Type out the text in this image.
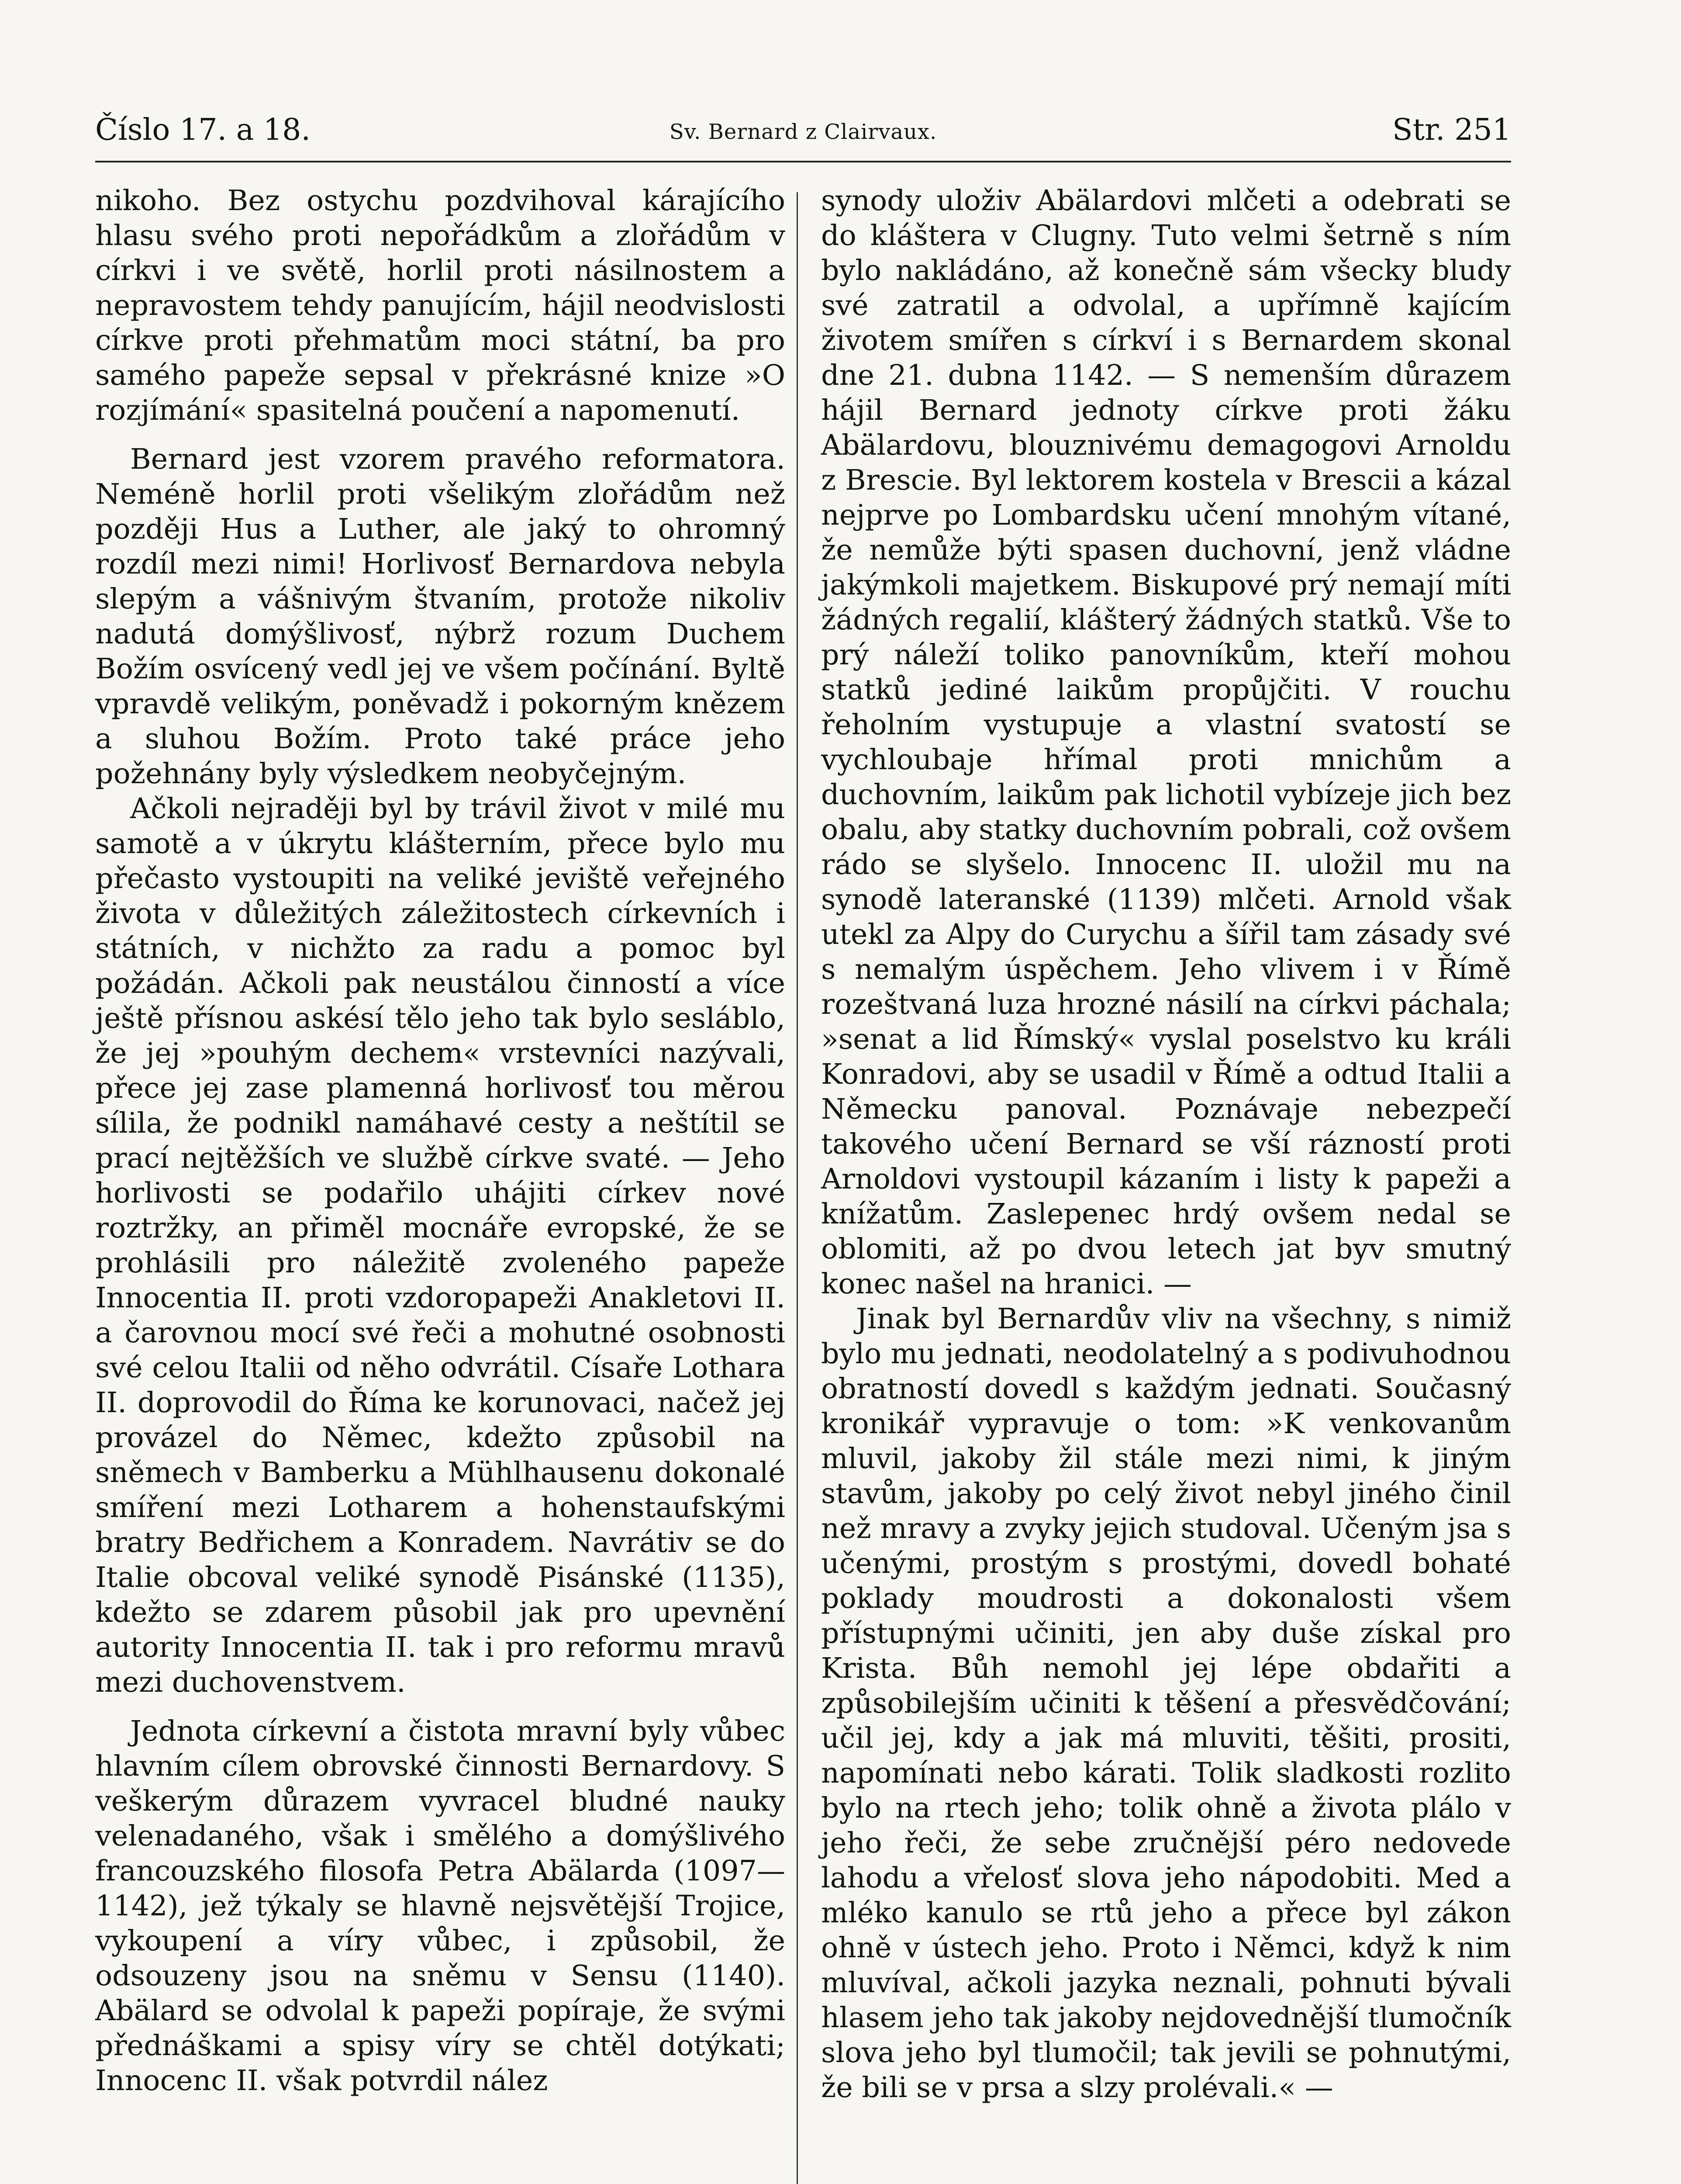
Číslo 17. a 18.	Sv. Bernard z Clairvaux.	Str. 251

nikoho. Bez ostychu pozdvihoval kárajícího hlasu svého proti nepořádkům a zlořádům v církvi i ve světě, horlil proti násilnostem a nepravostem tehdy panujícím, hájil neodvislosti církve proti přehmatům moci státní, ba pro samého papeže sepsal v překrásné knize »O rozjímání« spasitelná poučení a napomenutí.

Bernard jest vzorem pravého reformatora. Neméně horlil proti všelikým zlořádům než později Hus a Luther, ale jaký to ohromný rozdíl mezi nimi! Horlivosť Bernardova nebyla slepým a vášnivým štvaním, protože nikoliv nadutá domýšlivosť, nýbrž rozum Duchem Božím osvícený vedl jej ve všem počínání. Byltě vpravdě velikým, poněvadž i pokorným knězem a sluhou Božím. Proto také práce jeho požehnány byly výsledkem neobyčejným.

Ačkoli nejraději byl by trávil život v milé mu samotě a v úkrytu klášterním, přece bylo mu přečasto vystoupiti na veliké jeviště veřejného života v důležitých záležitostech církevních i státních, v nichžto za radu a pomoc byl požádán. Ačkoli pak neustálou činností a více ještě přísnou askésí tělo jeho tak bylo sesláblo, že jej »pouhým dechem« vrstevníci nazývali, přece jej zase plamenná horlivosť tou měrou sílila, že podnikl namáhavé cesty a neštítil se prací nejtěžších ve službě církve svaté. — Jeho horlivosti se podařilo uhájiti církev nové roztržky, an přiměl mocnáře evropské, že se prohlásili pro náležitě zvoleného papeže Innocentia II. proti vzdoropapeži Anakletovi II. a čarovnou mocí své řeči a mohutné osobnosti své celou Italii od něho odvrátil. Císaře Lothara II. doprovodil do Říma ke korunovaci, načež jej provázel do Němec, kdežto způsobil na sněmech v Bamberku a Mühlhausenu dokonalé smíření mezi Lotharem a hohenstaufskými bratry Bedřichem a Konradem. Navrátiv se do Italie obcoval veliké synodě Pisánské (1135), kdežto se zdarem působil jak pro upevnění autority Innocentia II. tak i pro reformu mravů mezi duchovenstvem.

Jednota církevní a čistota mravní byly vůbec hlavním cílem obrovské činnosti Bernardovy. S veškerým důrazem vyvracel bludné nauky velenadaného, však i smělého a domýšlivého francouzského filosofa Petra Abälarda (1097—1142), jež týkaly se hlavně nejsvětější Trojice, vykoupení a víry vůbec, i způsobil, že odsouzeny jsou na sněmu v Sensu (1140). Abälard se odvolal k papeži popíraje, že svými přednáškami a spisy víry se chtěl dotýkati; Innocenc II. však potvrdil nález

synody uloživ Abälardovi mlčeti a odebrati se do kláštera v Clugny. Tuto velmi šetrně s ním bylo nakládáno, až konečně sám všecky bludy své zatratil a odvolal, a upřímně kajícím životem smířen s církví i s Bernardem skonal dne 21. dubna 1142. — S nemenším důrazem hájil Bernard jednoty církve proti žáku Abälardovu, blouznivému demagogovi Arnoldu z Brescie. Byl lektorem kostela v Brescii a kázal nejprve po Lombardsku učení mnohým vítané, že nemůže býti spasen duchovní, jenž vládne jakýmkoli majetkem. Biskupové prý nemají míti žádných regalií, klášterý žádných statků. Vše to prý náleží toliko panovníkům, kteří mohou statků jediné laikům propůjčiti. V rouchu řeholním vystupuje a vlastní svatostí se vychloubaje hřímal proti mnichům a duchovním, laikům pak lichotil vybízeje jich bez obalu, aby statky duchovním pobrali, což ovšem rádo se slyšelo. Innocenc II. uložil mu na synodě lateranské (1139) mlčeti. Arnold však utekl za Alpy do Curychu a šířil tam zásady své s nemalým úspěchem. Jeho vlivem i v Římě rozeštvaná luza hrozné násilí na církvi páchala; »senat a lid Římský« vyslal poselstvo ku králi Konradovi, aby se usadil v Římě a odtud Italii a Německu panoval. Poznávaje nebezpečí takového učení Bernard se vší rázností proti Arnoldovi vystoupil kázaním i listy k papeži a knížatům. Zaslepenec hrdý ovšem nedal se oblomiti, až po dvou letech jat byv smutný konec našel na hranici. —

Jinak byl Bernardův vliv na všechny, s nimiž bylo mu jednati, neodolatelný a s podivuhodnou obratností dovedl s každým jednati. Současný kronikář vypravuje o tom: »K venkovanům mluvil, jakoby žil stále mezi nimi, k jiným stavům, jakoby po celý život nebyl jiného činil než mravy a zvyky jejich studoval. Učeným jsa s učenými, prostým s prostými, dovedl bohaté poklady moudrosti a dokonalosti všem přístupnými učiniti, jen aby duše získal pro Krista. Bůh nemohl jej lépe obdařiti a způsobilejším učiniti k těšení a přesvědčování; učil jej, kdy a jak má mluviti, těšiti, prositi, napomínati nebo kárati. Tolik sladkosti rozlito bylo na rtech jeho; tolik ohně a života plálo v jeho řeči, že sebe zručnější péro nedovede lahodu a vřelosť slova jeho nápodobiti. Med a mléko kanulo se rtů jeho a přece byl zákon ohně v ústech jeho. Proto i Němci, když k nim mluvíval, ačkoli jazyka neznali, pohnuti bývali hlasem jeho tak jakoby nejdovednější tlumočník slova jeho byl tlumočil; tak jevili se pohnutými, že bili se v prsa a slzy prolévali.« —
